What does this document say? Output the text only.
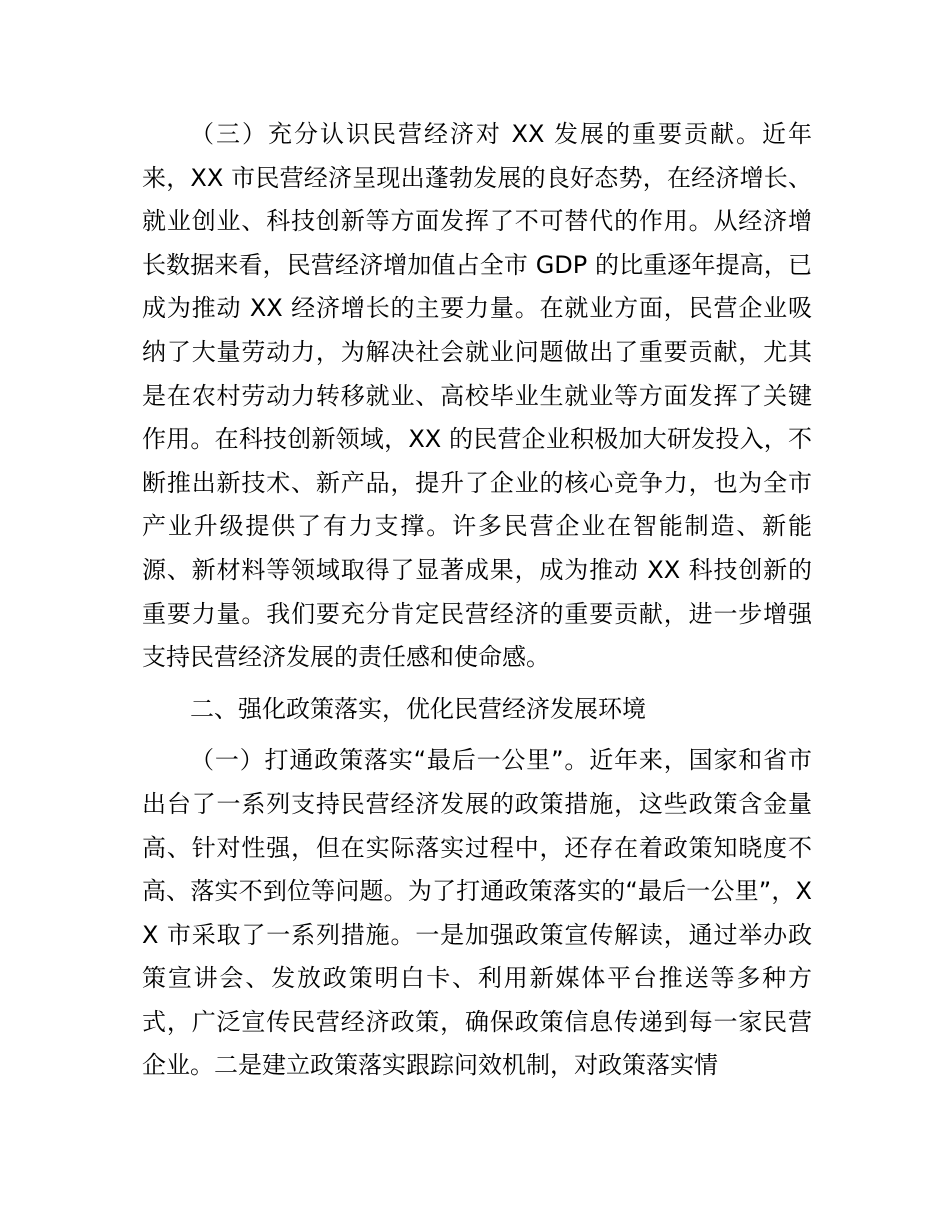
（三）充分认识民营经济对 XX 发展的重要贡献。近年来，XX 市民营经济呈现出蓬勃发展的良好态势，在经济增长、就业创业、科技创新等方面发挥了不可替代的作用。从经济增长数据来看，民营经济增加值占全市 GDP 的比重逐年提高，已成为推动 XX 经济增长的主要力量。在就业方面，民营企业吸纳了大量劳动力，为解决社会就业问题做出了重要贡献，尤其是在农村劳动力转移就业、高校毕业生就业等方面发挥了关键作用。在科技创新领域，XX 的民营企业积极加大研发投入，不断推出新技术、新产品，提升了企业的核心竞争力，也为全市产业升级提供了有力支撑。许多民营企业在智能制造、新能源、新材料等领域取得了显著成果，成为推动 XX 科技创新的重要力量。我们要充分肯定民营经济的重要贡献，进一步增强支持民营经济发展的责任感和使命感。

二、强化政策落实，优化民营经济发展环境

（一）打通政策落实“最后一公里”。近年来，国家和省市出台了一系列支持民营经济发展的政策措施，这些政策含金量高、针对性强，但在实际落实过程中，还存在着政策知晓度不高、落实不到位等问题。为了打通政策落实的“最后一公里”，XX 市采取了一系列措施。一是加强政策宣传解读，通过举办政策宣讲会、发放政策明白卡、利用新媒体平台推送等多种方式，广泛宣传民营经济政策，确保政策信息传递到每一家民营企业。二是建立政策落实跟踪问效机制，对政策落实情
